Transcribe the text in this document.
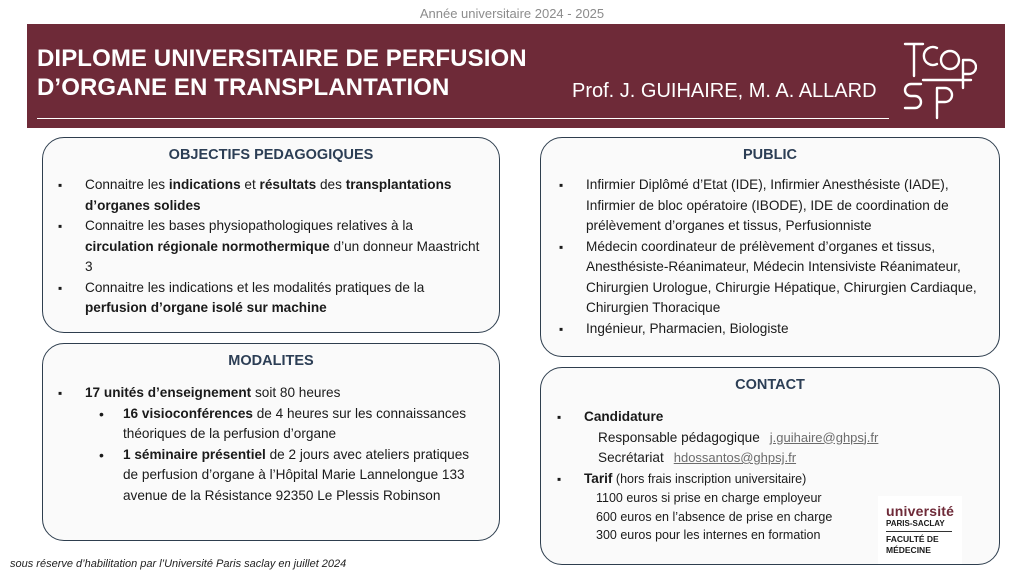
Année universitaire 2024 - 2025
DIPLOME UNIVERSITAIRE DE PERFUSION
D’ORGANE EN TRANSPLANTATION	Prof. J. GUIHAIRE, M. A. ALLARD
OBJECTIFS PEDAGOGIQUES
▪ Connaitre les indications et résultats des transplantations d’organes solides
▪ Connaitre les bases physiopathologiques relatives à la circulation régionale normothermique d’un donneur Maastricht 3
▪ Connaitre les indications et les modalités pratiques de la perfusion d’organe isolé sur machine
MODALITES
▪ 17 unités d’enseignement soit 80 heures
• 16 visioconférences de 4 heures sur les connaissances théoriques de la perfusion d’organe
• 1 séminaire présentiel de 2 jours avec ateliers pratiques de perfusion d’organe à l’Hôpital Marie Lannelongue 133 avenue de la Résistance 92350 Le Plessis Robinson
PUBLIC
▪ Infirmier Diplômé d’Etat (IDE), Infirmier Anesthésiste (IADE), Infirmier de bloc opératoire (IBODE), IDE de coordination de prélèvement d’organes et tissus, Perfusionniste
▪ Médecin coordinateur de prélèvement d’organes et tissus, Anesthésiste-Réanimateur, Médecin Intensiviste Réanimateur, Chirurgien Urologue, Chirurgie Hépatique, Chirurgien Cardiaque, Chirurgien Thoracique
▪ Ingénieur, Pharmacien, Biologiste
CONTACT
▪ Candidature
Responsable pédagogique j.guihaire@ghpsj.fr
Secrétariat hdossantos@ghpsj.fr
▪ Tarif (hors frais inscription universitaire)
1100 euros si prise en charge employeur
600 euros en l’absence de prise en charge
300 euros pour les internes en formation
université
PARIS-SACLAY
FACULTÉ DE MÉDECINE
sous réserve d’habilitation par l’Université Paris saclay en juillet 2024
